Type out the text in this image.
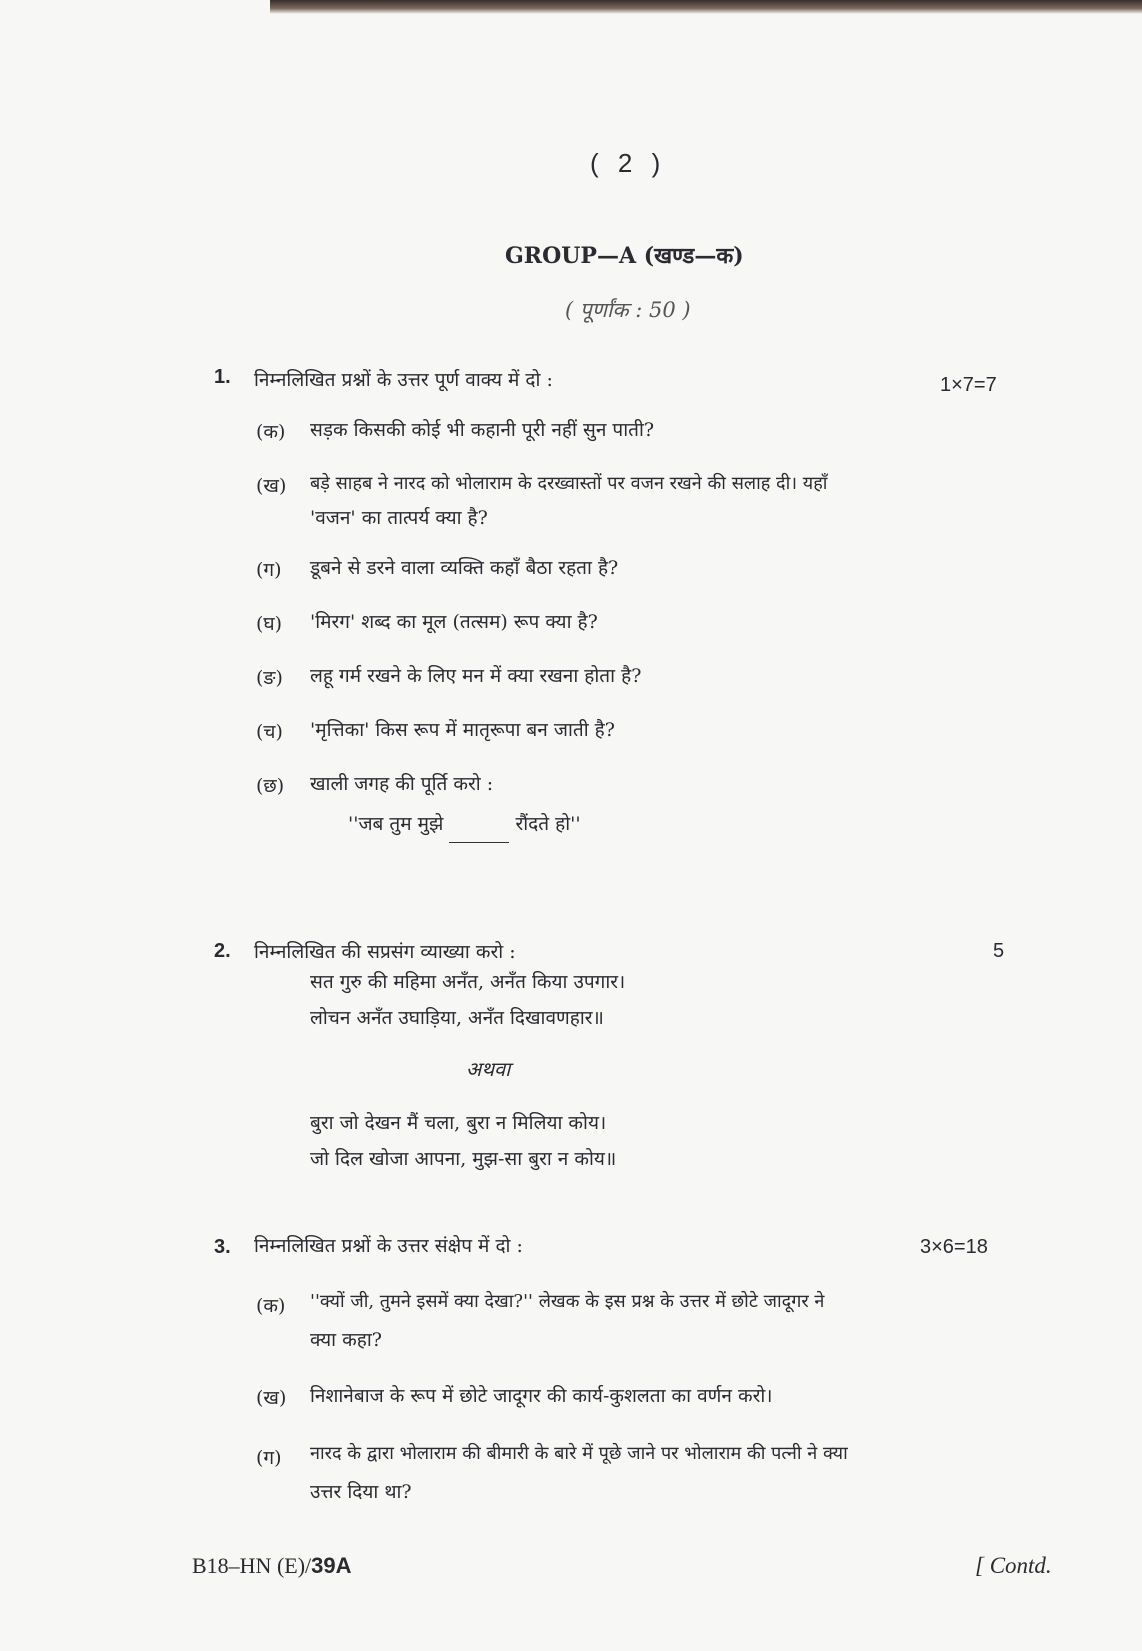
( 2 )
GROUP—A (खण्ड—क)
( पूर्णांक : 50 )
1. निम्नलिखित प्रश्नों के उत्तर पूर्ण वाक्य में दो :	1×7=7
(क) सड़क किसकी कोई भी कहानी पूरी नहीं सुन पाती?
(ख) बड़े साहब ने नारद को भोलाराम के दरख्वास्तों पर वजन रखने की सलाह दी। यहाँ
'वजन' का तात्पर्य क्या है?
(ग) डूबने से डरने वाला व्यक्ति कहाँ बैठा रहता है?
(घ) 'मिरग' शब्द का मूल (तत्सम) रूप क्या है?
(ङ) लहू गर्म रखने के लिए मन में क्या रखना होता है?
(च) 'मृत्तिका' किस रूप में मातृरूपा बन जाती है?
(छ) खाली जगह की पूर्ति करो :
''जब तुम मुझे	रौंदते हो''
2. निम्नलिखित की सप्रसंग व्याख्या करो :	5
सत गुरु की महिमा अनँत, अनँत किया उपगार।
लोचन अनँत उघाड़िया, अनँत दिखावणहार॥
अथवा
बुरा जो देखन मैं चला, बुरा न मिलिया कोय।
जो दिल खोजा आपना, मुझ-सा बुरा न कोय॥
3. निम्नलिखित प्रश्नों के उत्तर संक्षेप में दो :	3×6=18
(क) ''क्यों जी, तुमने इसमें क्या देखा?'' लेखक के इस प्रश्न के उत्तर में छोटे जादूगर ने
क्या कहा?
(ख) निशानेबाज के रूप में छोटे जादूगर की कार्य-कुशलता का वर्णन करो।
(ग) नारद के द्वारा भोलाराम की बीमारी के बारे में पूछे जाने पर भोलाराम की पत्नी ने क्या
उत्तर दिया था?
B18–HN (E)/39A	[ Contd.
